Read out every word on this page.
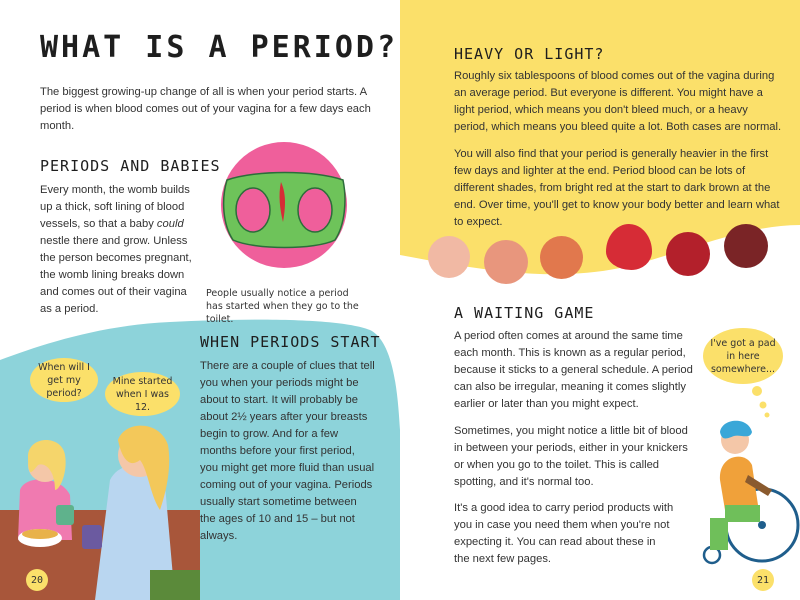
WHAT IS A PERIOD?

The biggest growing-up change of all is when your period starts. A period is when blood comes out of your vagina for a few days each month.

PERIODS AND BABIES

Every month, the womb builds up a thick, soft lining of blood vessels, so that a baby could nestle there and grow. Unless the person becomes pregnant, the womb lining breaks down and comes out of their vagina as a period.

People usually notice a period has started when they go to the toilet.

WHEN PERIODS START

There are a couple of clues that tell you when your periods might be about to start. It will probably be about 2½ years after your breasts begin to grow. And for a few months before your first period, you might get more fluid than usual coming out of your vagina. Periods usually start sometime between the ages of 10 and 15 – but not always.

When will I get my period?
Mine started when I was 12.
20
HEAVY OR LIGHT?

Roughly six tablespoons of blood comes out of the vagina during an average period. But everyone is different. You might have a light period, which means you don't bleed much, or a heavy period, which means you bleed quite a lot. Both cases are normal.

You will also find that your period is generally heavier in the first few days and lighter at the end. Period blood can be lots of different shades, from bright red at the start to dark brown at the end. Over time, you'll get to know your body better and learn what to expect.

A WAITING GAME

A period often comes at around the same time each month. This is known as a regular period, because it sticks to a general schedule. A period can also be irregular, meaning it comes slightly earlier or later than you might expect.

Sometimes, you might notice a little bit of blood in between your periods, either in your knickers or when you go to the toilet. This is called spotting, and it's normal too.

It's a good idea to carry period products with you in case you need them when you're not expecting it. You can read about these in the next few pages.

I've got a pad in here somewhere...
21
